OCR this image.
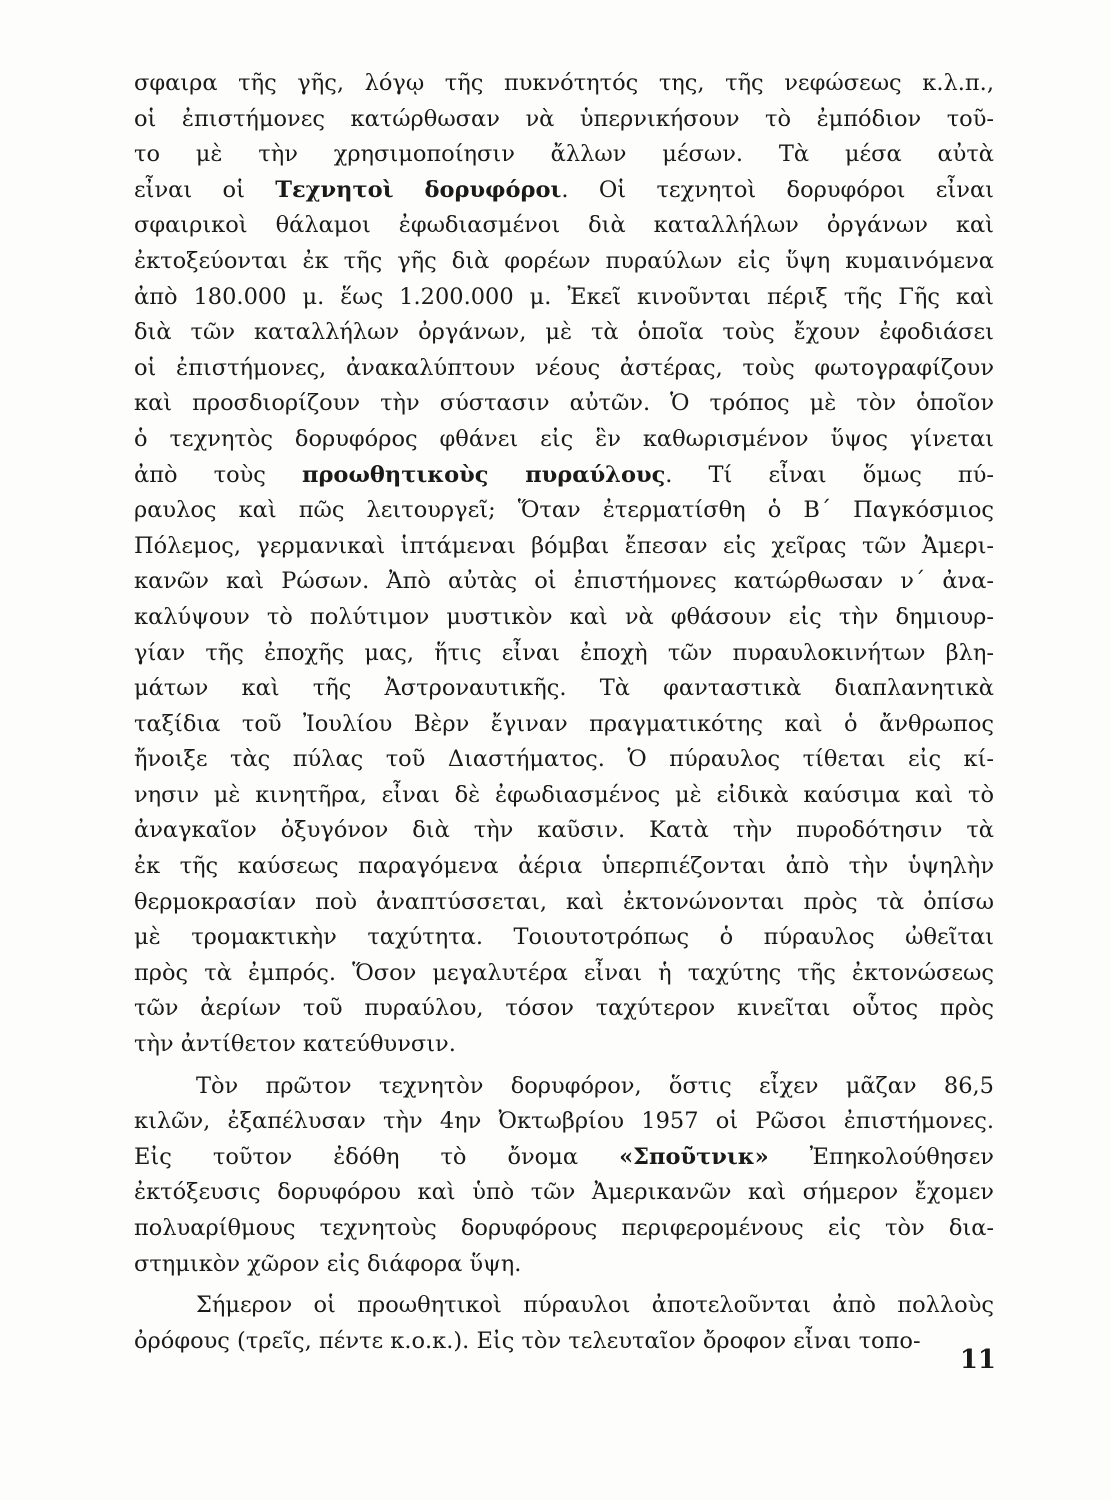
σφαιρα τῆς γῆς, λόγῳ τῆς πυκνότητός της, τῆς νεφώσεως κ.λ.π.,
οἱ ἐπιστήμονες κατώρθωσαν νὰ ὑπερνικήσουν τὸ ἐμπόδιον τοῦ-
το μὲ τὴν χρησιμοποίησιν ἄλλων μέσων. Τὰ μέσα αὐτὰ
εἶναι οἱ Τεχνητοὶ δορυφόροι. Οἱ τεχνητοὶ δορυφόροι εἶναι
σφαιρικοὶ θάλαμοι ἐφωδιασμένοι διὰ καταλλήλων ὀργάνων καὶ
ἐκτοξεύονται ἐκ τῆς γῆς διὰ φορέων πυραύλων εἰς ὕψη κυμαινόμενα
ἀπὸ 180.000 μ. ἕως 1.200.000 μ. Ἐκεῖ κινοῦνται πέριξ τῆς Γῆς καὶ
διὰ τῶν καταλλήλων ὀργάνων, μὲ τὰ ὁποῖα τοὺς ἔχουν ἐφοδιάσει
οἱ ἐπιστήμονες, ἀνακαλύπτουν νέους ἀστέρας, τοὺς φωτογραφίζουν
καὶ προσδιορίζουν τὴν σύστασιν αὐτῶν. Ὁ τρόπος μὲ τὸν ὁποῖον
ὁ τεχνητὸς δορυφόρος φθάνει εἰς ἓν καθωρισμένον ὕψος γίνεται
ἀπὸ τοὺς προωθητικοὺς πυραύλους. Τί εἶναι ὅμως πύ-
ραυλος καὶ πῶς λειτουργεῖ; Ὅταν ἐτερματίσθη ὁ Β΄ Παγκόσμιος
Πόλεμος, γερμανικαὶ ἱπτάμεναι βόμβαι ἔπεσαν εἰς χεῖρας τῶν Ἀμερι-
κανῶν καὶ Ρώσων. Ἀπὸ αὐτὰς οἱ ἐπιστήμονες κατώρθωσαν ν΄ ἀνα-
καλύψουν τὸ πολύτιμον μυστικὸν καὶ νὰ φθάσουν εἰς τὴν δημιουρ-
γίαν τῆς ἐποχῆς μας, ἥτις εἶναι ἐποχὴ τῶν πυραυλοκινήτων βλη-
μάτων καὶ τῆς Ἀστροναυτικῆς. Τὰ φανταστικὰ διαπλανητικὰ
ταξίδια τοῦ Ἰουλίου Βὲρν ἔγιναν πραγματικότης καὶ ὁ ἄνθρωπος
ἤνοιξε τὰς πύλας τοῦ Διαστήματος. Ὁ πύραυλος τίθεται εἰς κί-
νησιν μὲ κινητῆρα, εἶναι δὲ ἐφωδιασμένος μὲ εἰδικὰ καύσιμα καὶ τὸ
ἀναγκαῖον ὀξυγόνον διὰ τὴν καῦσιν. Κατὰ τὴν πυροδότησιν τὰ
ἐκ τῆς καύσεως παραγόμενα ἀέρια ὑπερπιέζονται ἀπὸ τὴν ὑψηλὴν
θερμοκρασίαν ποὺ ἀναπτύσσεται, καὶ ἐκτονώνονται πρὸς τὰ ὀπίσω
μὲ τρομακτικὴν ταχύτητα. Τοιουτοτρόπως ὁ πύραυλος ὠθεῖται
πρὸς τὰ ἐμπρός. Ὅσον μεγαλυτέρα εἶναι ἡ ταχύτης τῆς ἐκτονώσεως
τῶν ἀερίων τοῦ πυραύλου, τόσον ταχύτερον κινεῖται οὗτος πρὸς
τὴν ἀντίθετον κατεύθυνσιν.
Τὸν πρῶτον τεχνητὸν δορυφόρον, ὅστις εἶχεν μᾶζαν 86,5
κιλῶν, ἐξαπέλυσαν τὴν 4ην Ὀκτωβρίου 1957 οἱ Ρῶσοι ἐπιστήμονες.
Εἰς τοῦτον ἐδόθη τὸ ὄνομα «Σποῦτνικ» Ἐπηκολούθησεν
ἐκτόξευσις δορυφόρου καὶ ὑπὸ τῶν Ἀμερικανῶν καὶ σήμερον ἔχομεν
πολυαρίθμους τεχνητοὺς δορυφόρους περιφερομένους εἰς τὸν δια-
στημικὸν χῶρον εἰς διάφορα ὕψη.
Σήμερον οἱ προωθητικοὶ πύραυλοι ἀποτελοῦνται ἀπὸ πολλοὺς
ὀρόφους (τρεῖς, πέντε κ.ο.κ.). Εἰς τὸν τελευταῖον ὄροφον εἶναι τοπο-
11
